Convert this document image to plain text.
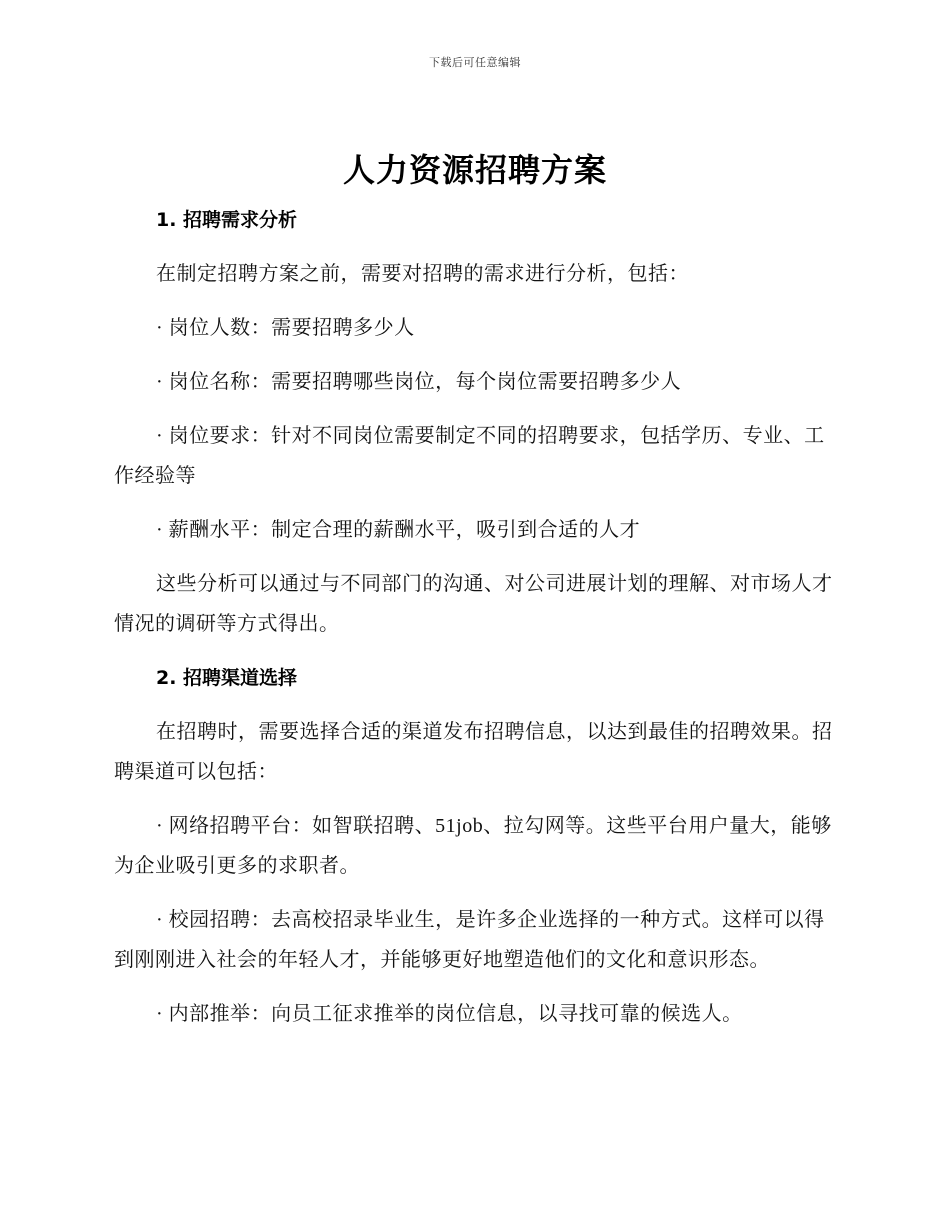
下载后可任意编辑
人力资源招聘方案
1. 招聘需求分析

在制定招聘方案之前，需要对招聘的需求进行分析，包括：

· 岗位人数：需要招聘多少人

· 岗位名称：需要招聘哪些岗位，每个岗位需要招聘多少人

· 岗位要求：针对不同岗位需要制定不同的招聘要求，包括学历、专业、工作经验等

· 薪酬水平：制定合理的薪酬水平，吸引到合适的人才

这些分析可以通过与不同部门的沟通、对公司进展计划的理解、对市场人才情况的调研等方式得出。

2. 招聘渠道选择

在招聘时，需要选择合适的渠道发布招聘信息，以达到最佳的招聘效果。招聘渠道可以包括：

· 网络招聘平台：如智联招聘、51job、拉勾网等。这些平台用户量大，能够为企业吸引更多的求职者。

· 校园招聘：去高校招录毕业生，是许多企业选择的一种方式。这样可以得到刚刚进入社会的年轻人才，并能够更好地塑造他们的文化和意识形态。

· 内部推举：向员工征求推举的岗位信息，以寻找可靠的候选人。
